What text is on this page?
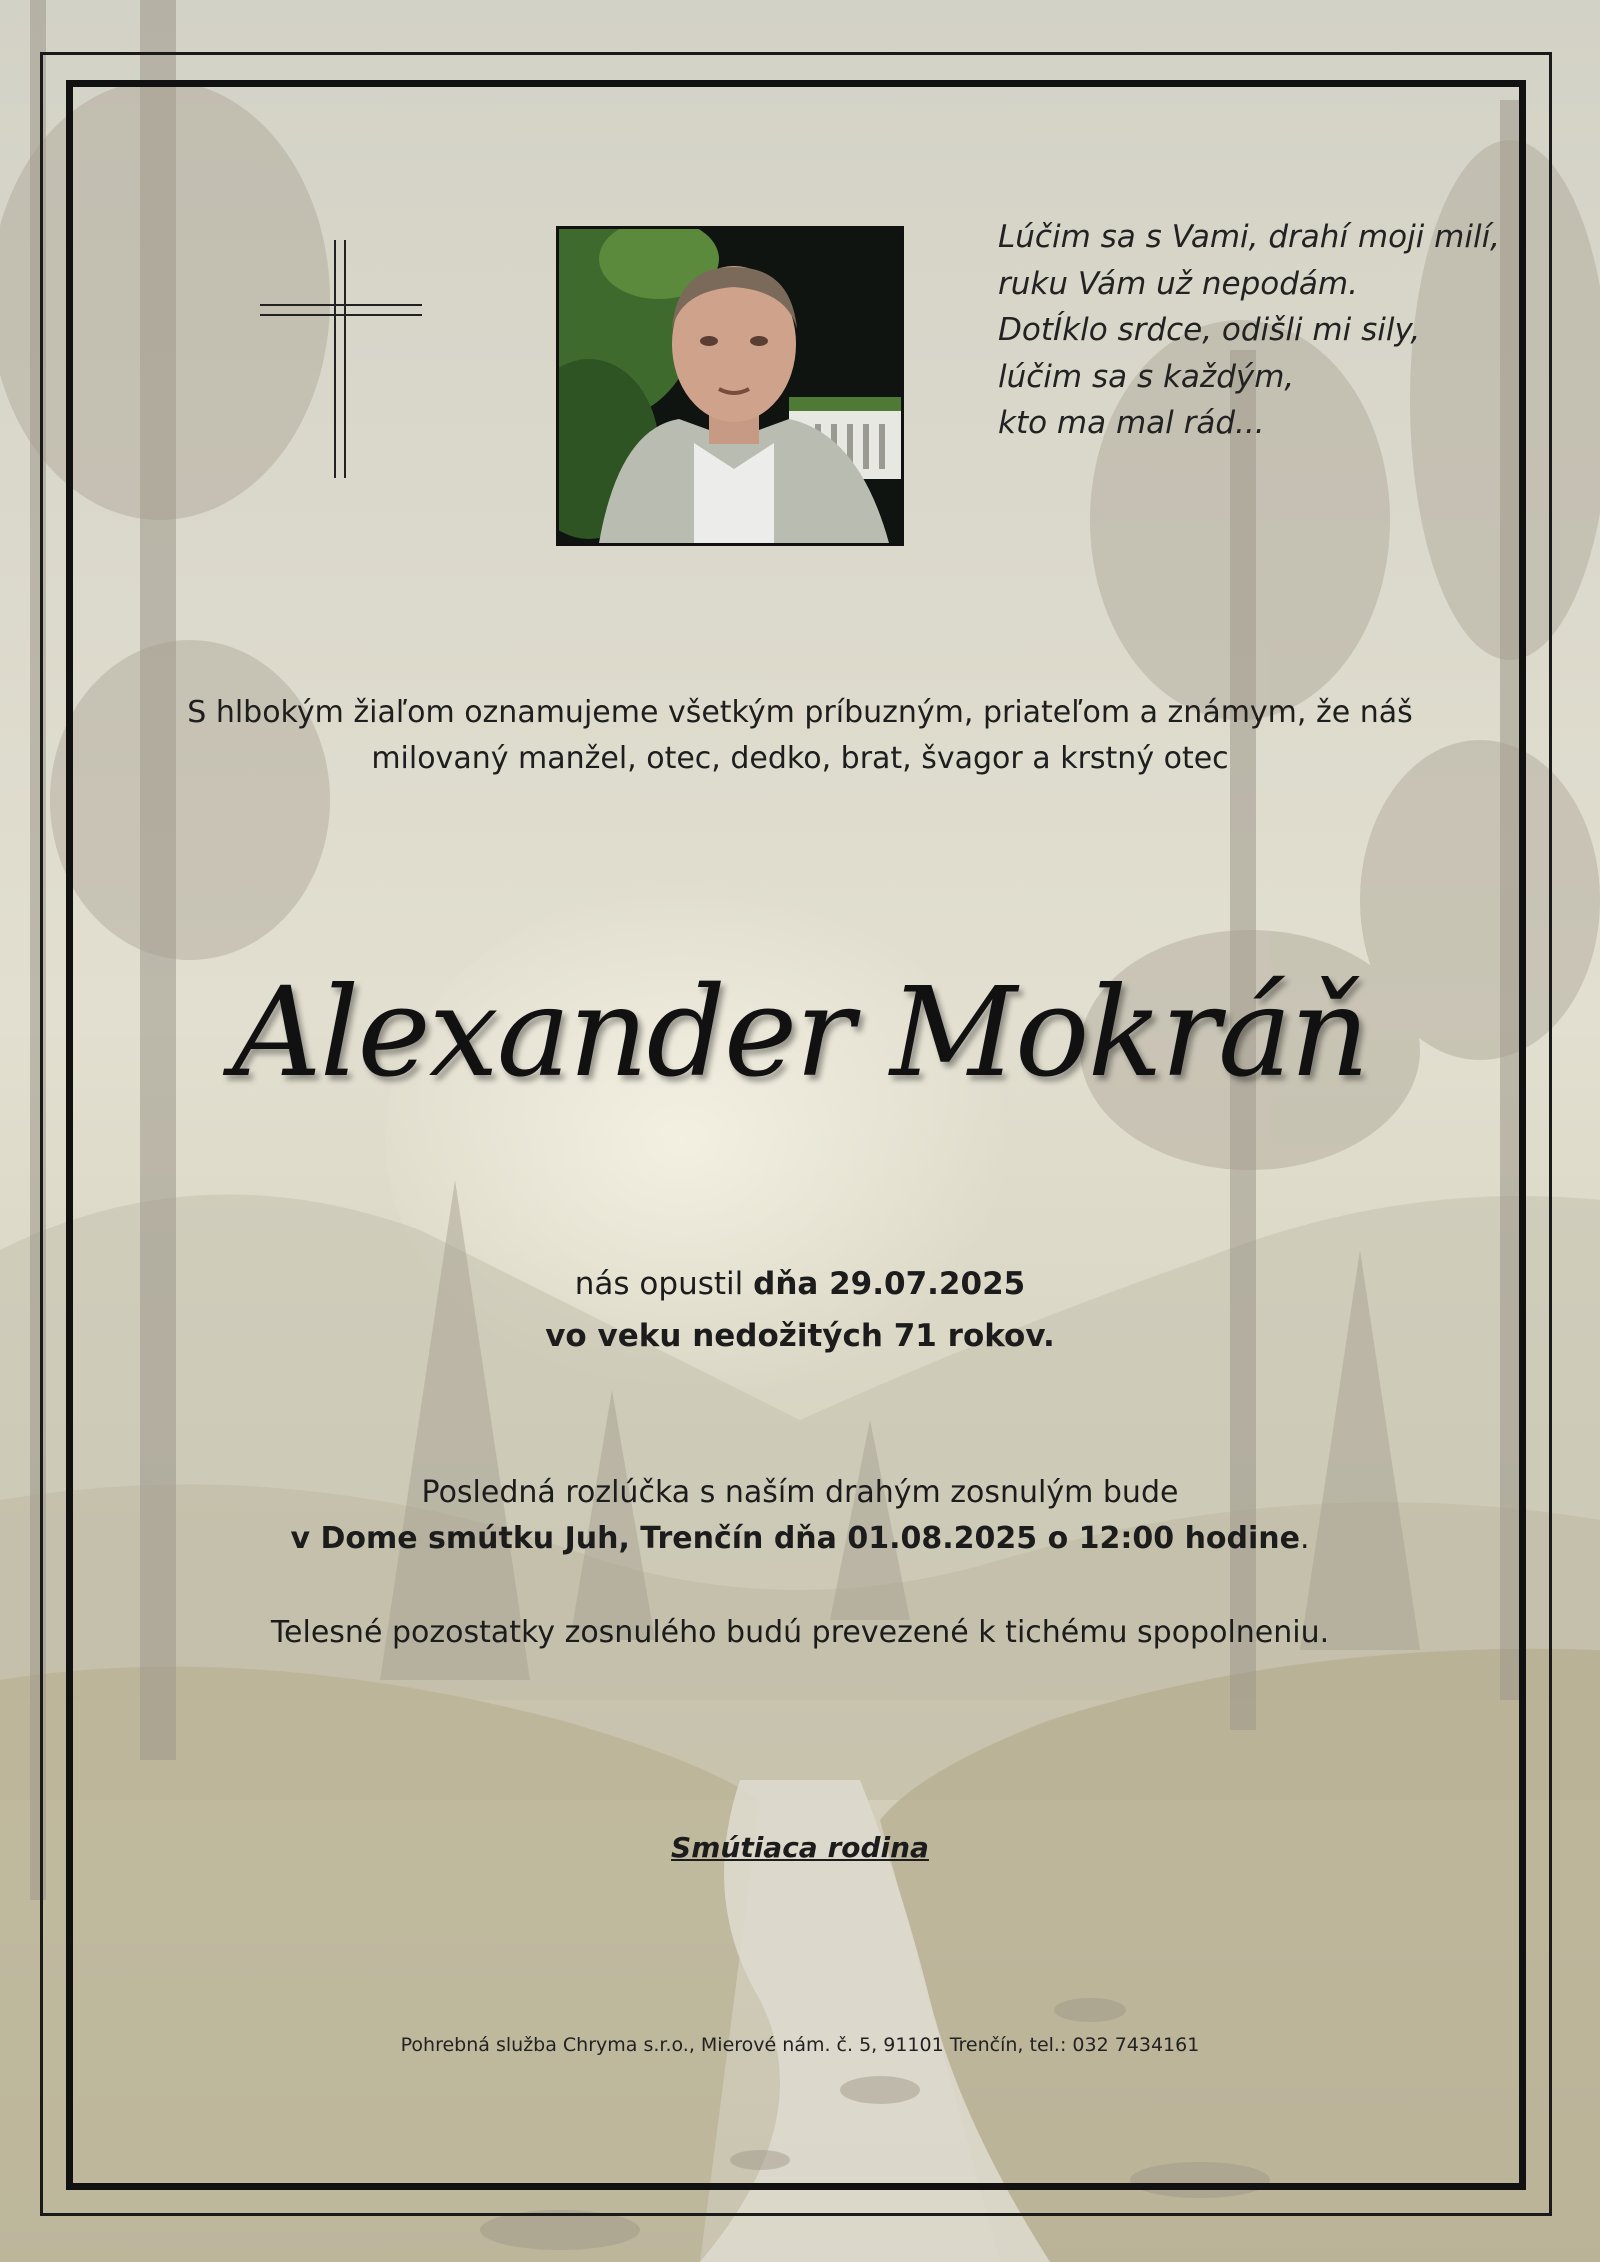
Lúčim sa s Vami, drahí moji milí,
ruku Vám už nepodám.
DotÍklo srdce, odišli mi sily,
lúčim sa s každým,
kto ma mal rád...
S hlbokým žiaľom oznamujeme všetkým príbuzným, priateľom a známym, že náš
milovaný manžel, otec, dedko, brat, švagor a krstný otec
Alexander Mokráň
nás opustil dňa 29.07.2025
vo veku nedožitých 71 rokov.
Posledná rozlúčka s naším drahým zosnulým bude
v Dome smútku Juh, Trenčín dňa 01.08.2025 o 12:00 hodine.
Telesné pozostatky zosnulého budú prevezené k tichému spopolneniu.
Smútiaca rodina
Pohrebná služba Chryma s.r.o., Mierové nám. č. 5, 91101 Trenčín, tel.: 032 7434161
